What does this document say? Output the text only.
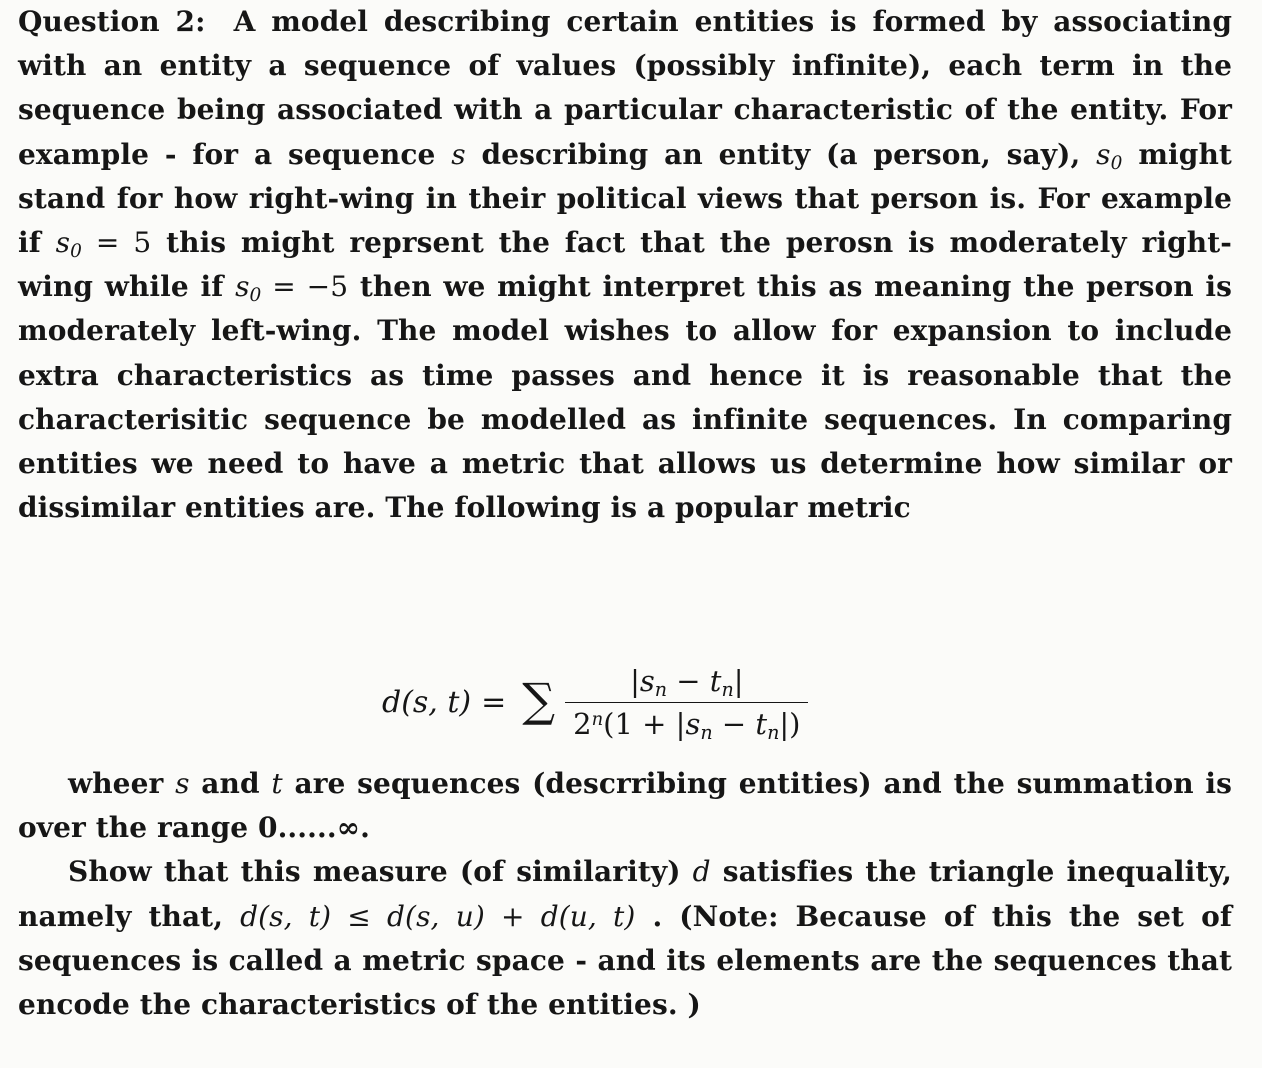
Question 2: A model describing certain entities is formed by associating with an entity a sequence of values (possibly infinite), each term in the sequence being associated with a particular characteristic of the entity. For example - for a sequence s describing an entity (a person, say), $s_0$ might stand for how right-wing in their political views that person is. For example if $s_0 = 5$ this might reprsent the fact that the perosn is moderately right-wing while if $s_0 = -5$ then we might interpret this as meaning the person is moderately left-wing. The model wishes to allow for expansion to include extra characteristics as time passes and hence it is reasonable that the characterisitic sequence be modelled as infinite sequences. In comparing entities we need to have a metric that allows us determine how similar or dissimilar entities are. The following is a popular metric

d(s, t) = ∑ $\frac{|s_n - t_n|}{2^n(1 + |s_n - t_n|)}$
wheer s and t are sequences (descrribing entities) and the summation is over the range 0......∞.
Show that this measure (of similarity) d satisfies the triangle inequality, namely that, d(s, t) ≤ d(s, u) + d(u, t) . (Note: Because of this the set of sequences is called a metric space - and its elements are the sequences that encode the characteristics of the entities. )
